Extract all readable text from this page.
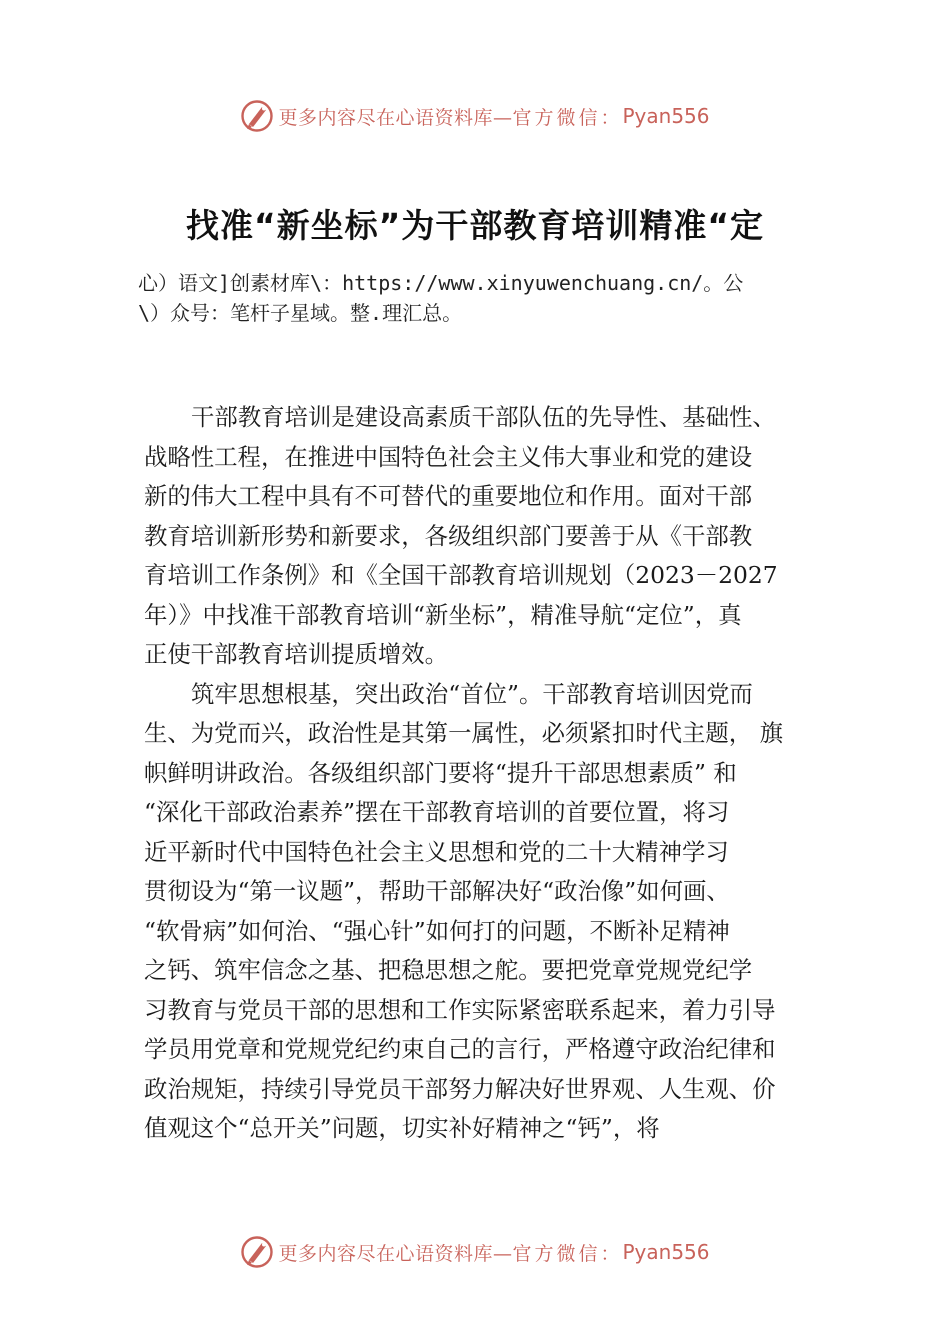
更多内容尽在心语资料库— 官方微信： Pyan556
找准“新坐标”为干部教育培训精准“定
心）语文]创素材库\：https://www.xinyuwenchuang.cn/。公
\）众号：笔杆子星域。整.理汇总。
干部教育培训是建设高素质干部队伍的先导性、基础性、
战略性工程，在推进中国特色社会主义伟大事业和党的建设
新的伟大工程中具有不可替代的重要地位和作用。面对干部
教育培训新形势和新要求，各级组织部门要善于从《干部教
育培训工作条例》和《全国干部教育培训规划（2023－2027
年）》中找准干部教育培训“新坐标”，精准导航“定位”，真
正使干部教育培训提质增效。
筑牢思想根基，突出政治“首位”。干部教育培训因党而
生、为党而兴，政治性是其第一属性，必须紧扣时代主题， 旗
帜鲜明讲政治。各级组织部门要将“提升干部思想素质” 和
“深化干部政治素养”摆在干部教育培训的首要位置，将习
近平新时代中国特色社会主义思想和党的二十大精神学习
贯彻设为“第一议题”，帮助干部解决好“政治像”如何画、
“软骨病”如何治、“强心针”如何打的问题，不断补足精神
之钙、筑牢信念之基、把稳思想之舵。要把党章党规党纪学
习教育与党员干部的思想和工作实际紧密联系起来，着力引导
学员用党章和党规党纪约束自己的言行，严格遵守政治纪律和
政治规矩，持续引导党员干部努力解决好世界观、人生观、价
值观这个“总开关”问题，切实补好精神之“钙”，将
更多内容尽在心语资料库— 官方微信： Pyan556
